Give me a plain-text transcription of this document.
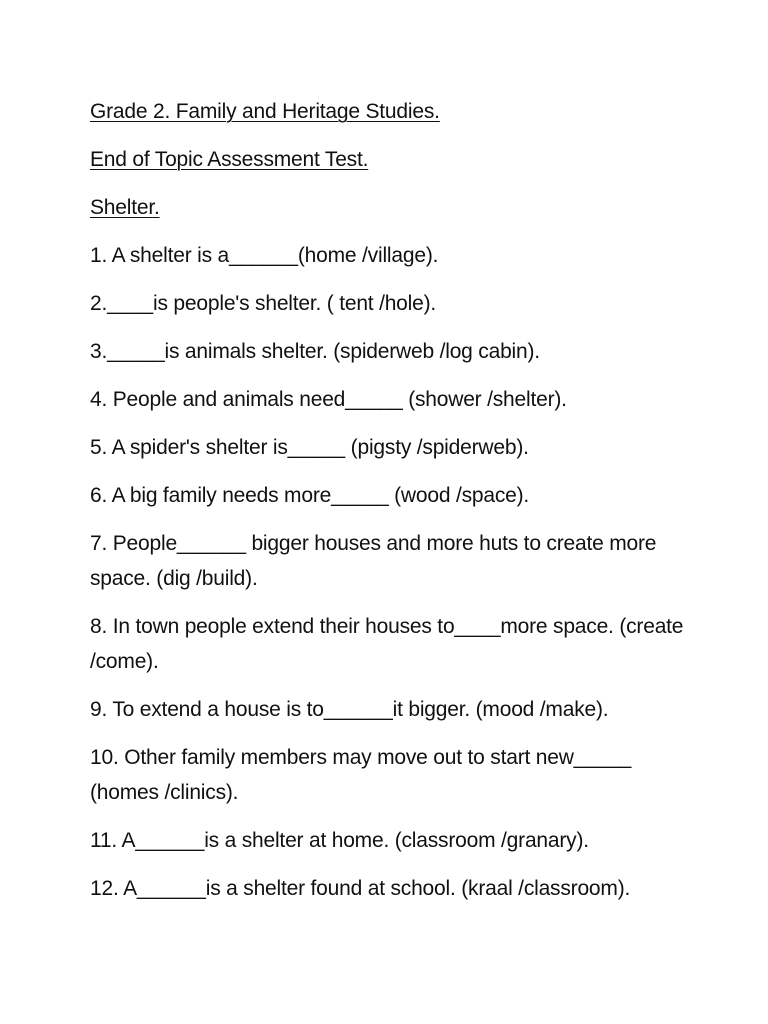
Grade 2. Family and Heritage Studies.
End of Topic Assessment Test.
Shelter.
1. A shelter is a______(home /village).
2.____is people's shelter. ( tent /hole).
3._____is animals shelter. (spiderweb /log cabin).
4. People and animals need_____ (shower /shelter).
5. A spider's shelter is_____ (pigsty /spiderweb).
6. A big family needs more_____ (wood /space).
7. People______ bigger houses and more huts to create more space. (dig /build).
8. In town people extend their houses to____more space. (create /come).
9. To extend a house is to______it bigger. (mood /make).
10. Other family members may move out to start new_____ (homes /clinics).
11. A______is a shelter at home. (classroom /granary).
12. A______is a shelter found at school. (kraal /classroom).
